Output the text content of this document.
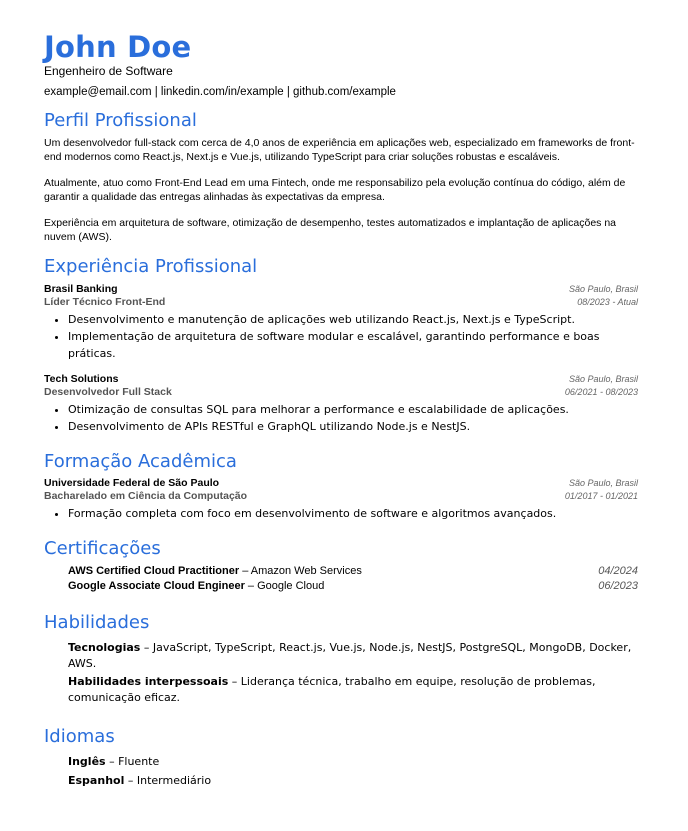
John Doe
Engenheiro de Software
example@email.com | linkedin.com/in/example | github.com/example
Perfil Profissional

Um desenvolvedor full-stack com cerca de 4,0 anos de experiência em aplicações web, especializado em frameworks de front-end modernos como React.js, Next.js e Vue.js, utilizando TypeScript para criar soluções robustas e escaláveis.

Atualmente, atuo como Front-End Lead em uma Fintech, onde me responsabilizo pela evolução contínua do código, além de garantir a qualidade das entregas alinhadas às expectativas da empresa.

Experiência em arquitetura de software, otimização de desempenho, testes automatizados e implantação de aplicações na nuvem (AWS).

Experiência Profissional
Brasil Banking	São Paulo, Brasil
Líder Técnico Front-End	08/2023 - Atual
• Desenvolvimento e manutenção de aplicações web utilizando React.js, Next.js e TypeScript.
• Implementação de arquitetura de software modular e escalável, garantindo performance e boas práticas.
Tech Solutions	São Paulo, Brasil
Desenvolvedor Full Stack	06/2021 - 08/2023
• Otimização de consultas SQL para melhorar a performance e escalabilidade de aplicações.
• Desenvolvimento de APIs RESTful e GraphQL utilizando Node.js e NestJS.
Formação Acadêmica
Universidade Federal de São Paulo	São Paulo, Brasil
Bacharelado em Ciência da Computação	01/2017 - 01/2021
• Formação completa com foco em desenvolvimento de software e algoritmos avançados.
Certificações
AWS Certified Cloud Practitioner – Amazon Web Services	04/2024
Google Associate Cloud Engineer – Google Cloud	06/2023
Habilidades
Tecnologias – JavaScript, TypeScript, React.js, Vue.js, Node.js, NestJS, PostgreSQL, MongoDB, Docker, AWS.
Habilidades interpessoais – Liderança técnica, trabalho em equipe, resolução de problemas, comunicação eficaz.
Idiomas
Inglês – Fluente
Espanhol – Intermediário
